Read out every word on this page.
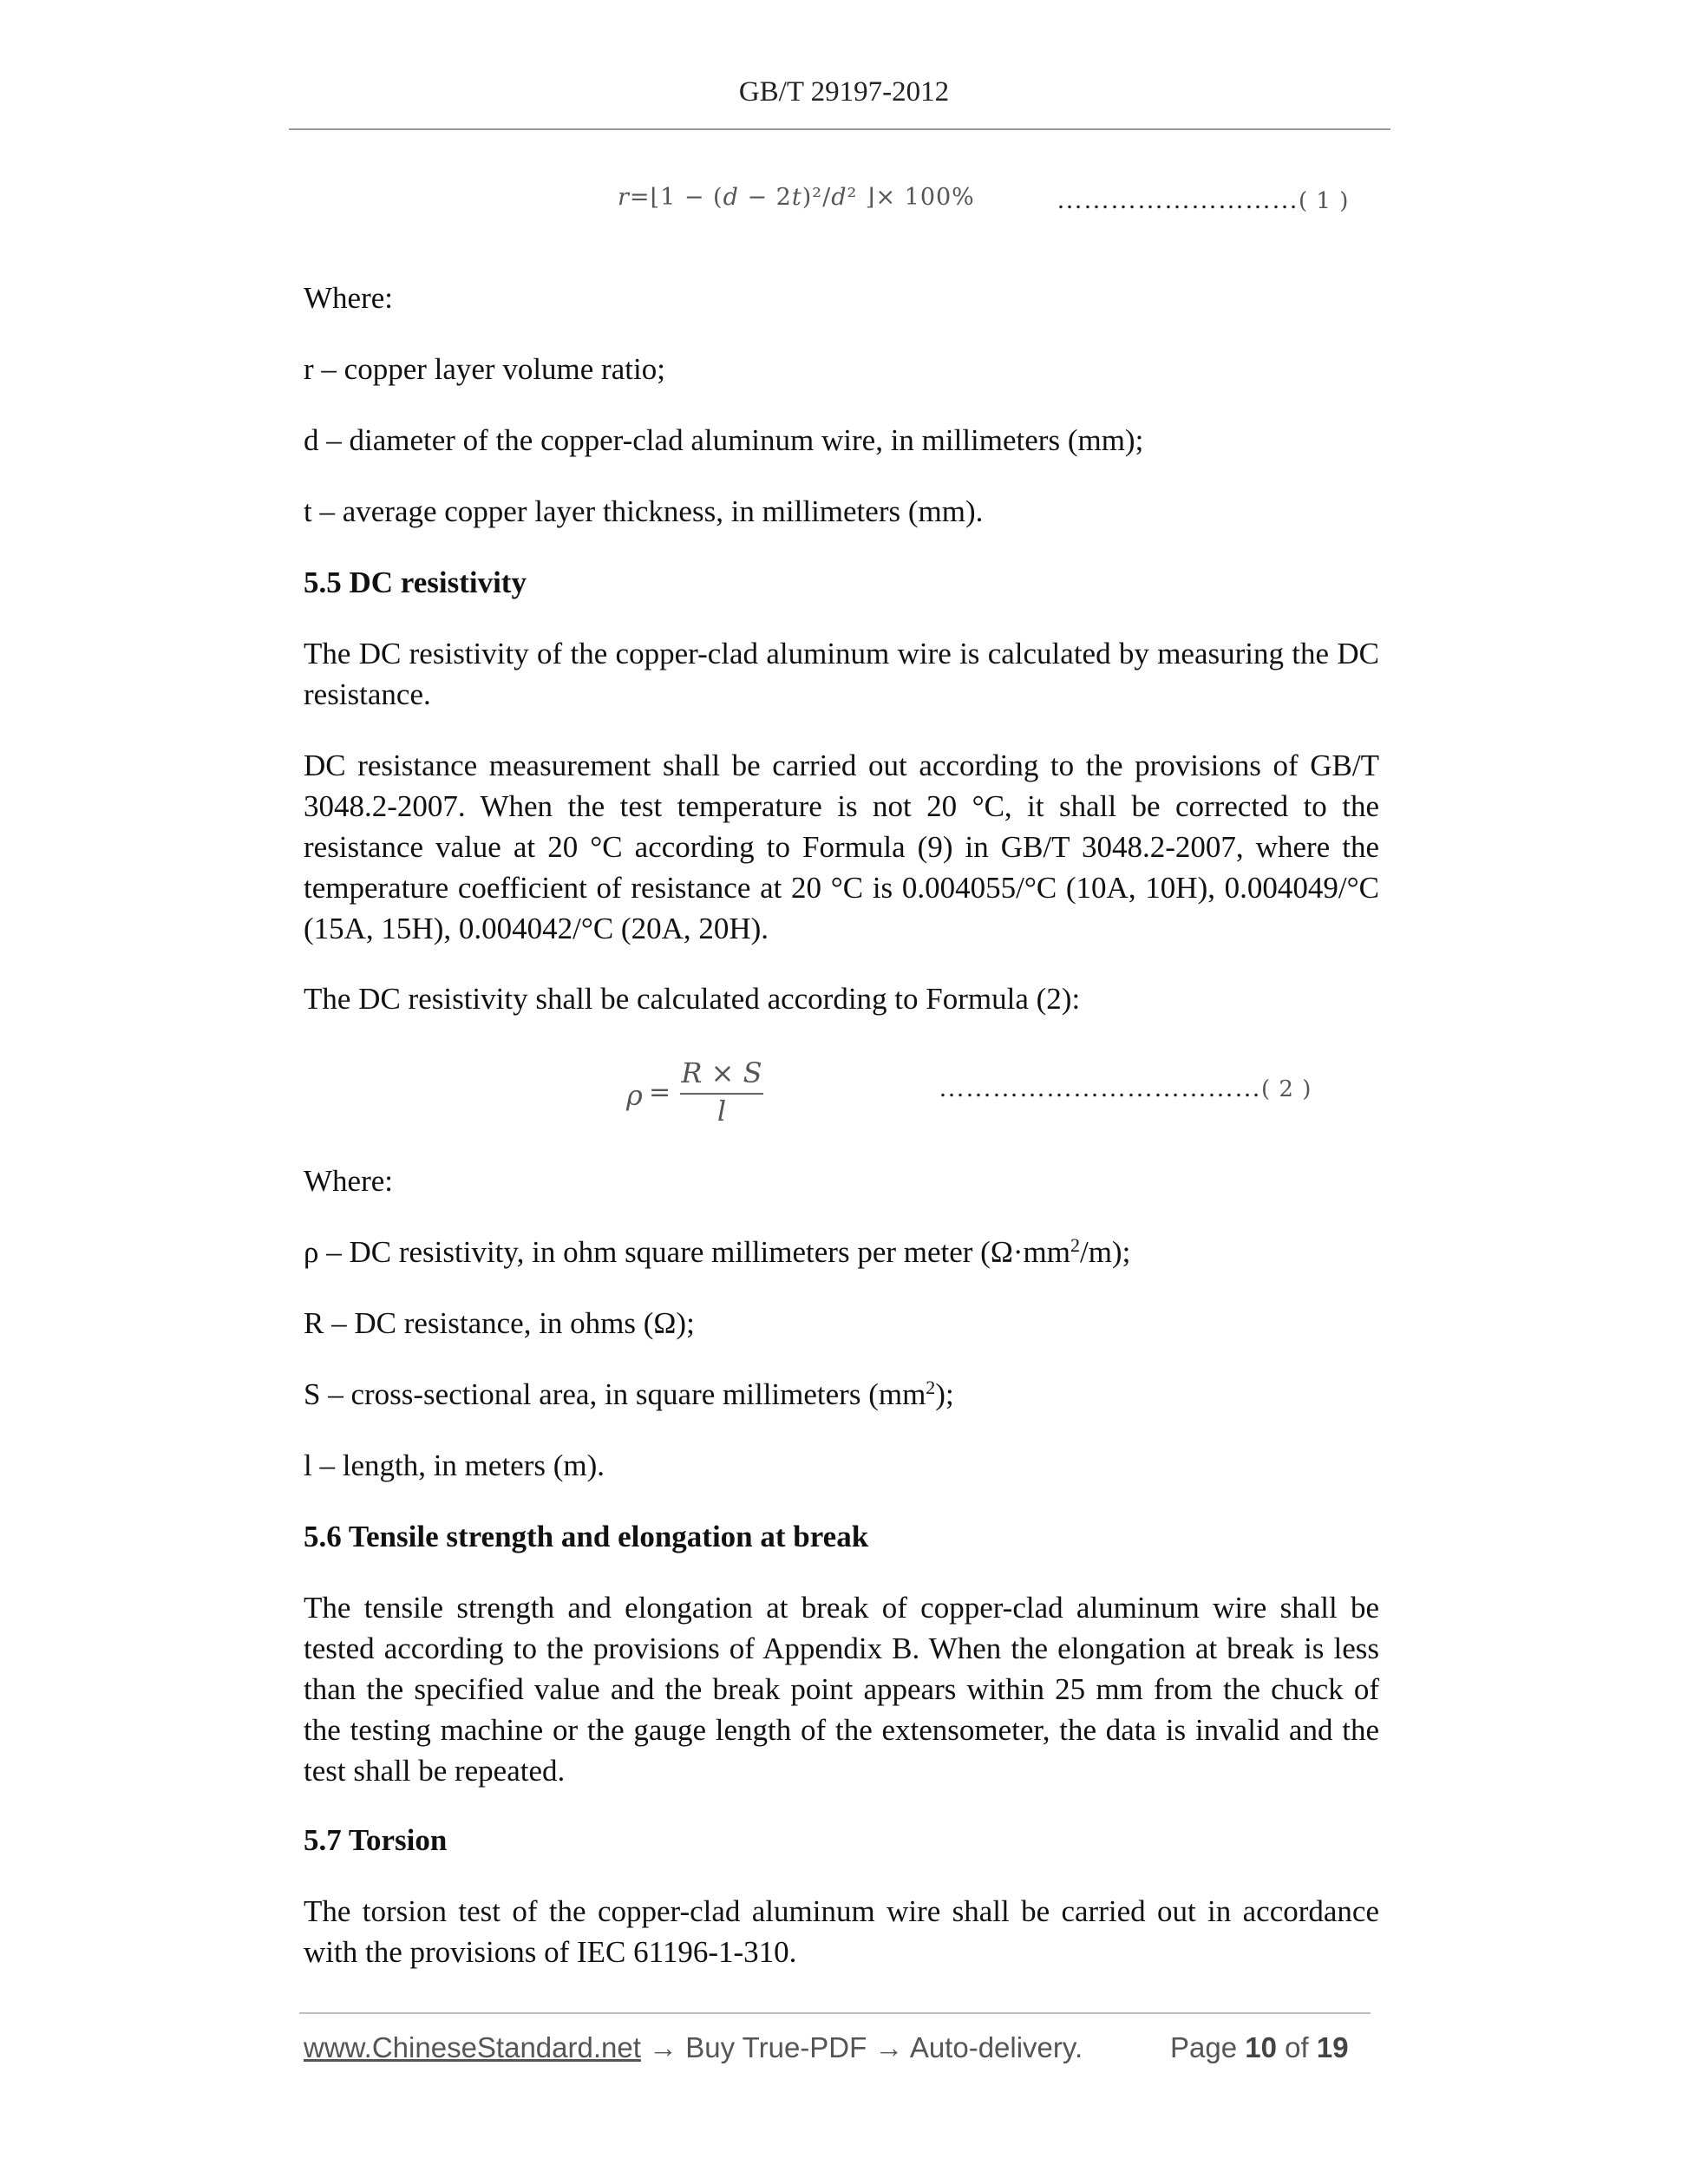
GB/T 29197-2012
r=⌊1 − (d − 2t)²/d² ⌋× 100%	………………………( 1 )
Where:
r – copper layer volume ratio;
d – diameter of the copper-clad aluminum wire, in millimeters (mm);
t – average copper layer thickness, in millimeters (mm).
5.5 DC resistivity
The DC resistivity of the copper-clad aluminum wire is calculated by measuring the DC resistance.
DC resistance measurement shall be carried out according to the provisions of GB/T 3048.2-2007. When the test temperature is not 20 °C, it shall be corrected to the resistance value at 20 °C according to Formula (9) in GB/T 3048.2-2007, where the temperature coefficient of resistance at 20 °C is 0.004055/°C (10A, 10H), 0.004049/°C (15A, 15H), 0.004042/°C (20A, 20H).
The DC resistivity shall be calculated according to Formula (2):
ρ =
R × S
l
………………………………( 2 )
Where:
ρ – DC resistivity, in ohm square millimeters per meter $(\Omega\cdot mm^2/m)$;
R – DC resistance, in ohms (Ω);
S – cross-sectional area, in square millimeters $(mm^2)$;
l – length, in meters (m).
5.6 Tensile strength and elongation at break
The tensile strength and elongation at break of copper-clad aluminum wire shall be tested according to the provisions of Appendix B. When the elongation at break is less than the specified value and the break point appears within 25 mm from the chuck of the testing machine or the gauge length of the extensometer, the data is invalid and the test shall be repeated.
5.7 Torsion
The torsion test of the copper-clad aluminum wire shall be carried out in accordance with the provisions of IEC 61196-1-310.
www.ChineseStandard.net → Buy True-PDF → Auto-delivery.	Page 10 of 19
